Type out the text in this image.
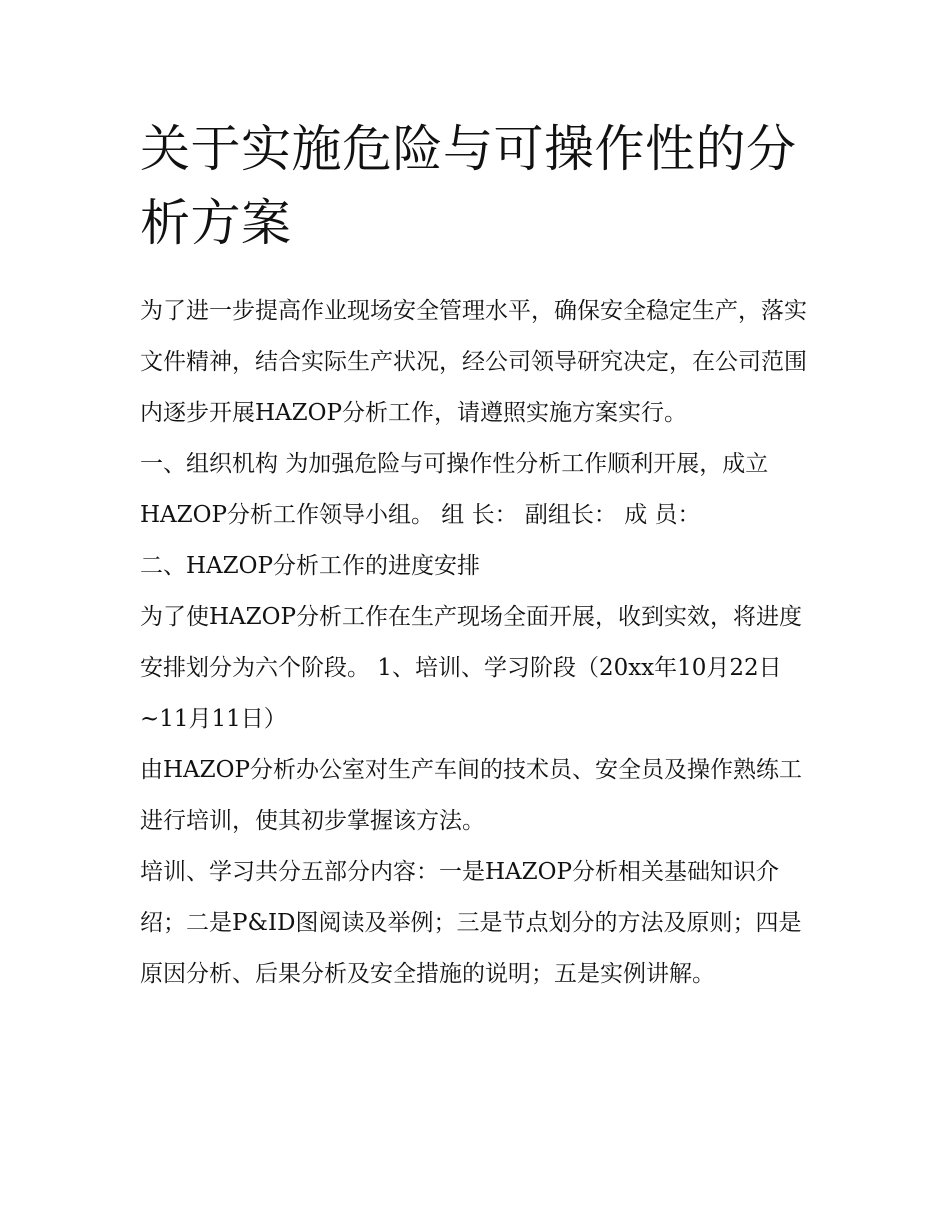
关于实施危险与可操作性的分析方案

为了进一步提高作业现场安全管理水平，确保安全稳定生产，落实文件精神，结合实际生产状况，经公司领导研究决定，在公司范围内逐步开展HAZOP分析工作，请遵照实施方案实行。

一、组织机构 为加强危险与可操作性分析工作顺利开展，成立HAZOP分析工作领导小组。 组 长： 副组长： 成 员：

二、HAZOP分析工作的进度安排

为了使HAZOP分析工作在生产现场全面开展，收到实效，将进度安排划分为六个阶段。 1、培训、学习阶段（20xx年10月22日~11月11日）

由HAZOP分析办公室对生产车间的技术员、安全员及操作熟练工进行培训，使其初步掌握该方法。

培训、学习共分五部分内容：一是HAZOP分析相关基础知识介绍；二是P&ID图阅读及举例；三是节点划分的方法及原则；四是原因分析、后果分析及安全措施的说明；五是实例讲解。
